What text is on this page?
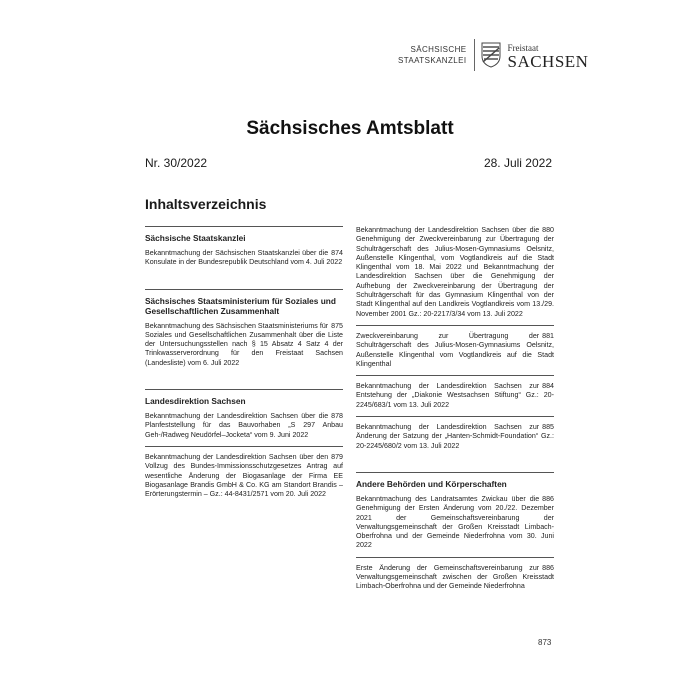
SÄCHSISCHE
STAATSKANZLEI
Freistaat
SACHSEN
Sächsisches Amtsblatt
Nr. 30/2022	28. Juli 2022
Inhaltsverzeichnis
Sächsische Staatskanzlei
874
Bekanntmachung der Sächsischen Staatskanzlei über die Konsulate in der Bundesrepublik Deutschland vom 4. Juli 2022
Sächsisches Staatsministerium für Soziales und Gesellschaftlichen Zusammenhalt
875
Bekanntmachung des Sächsischen Staatsministeriums für Soziales und Gesellschaftlichen Zusammenhalt über die Liste der Untersuchungsstellen nach § 15 Absatz 4 Satz 4 der Trinkwasserverordnung für den Freistaat Sachsen (Landesliste) vom 6. Juli 2022
Landesdirektion Sachsen
878
Bekanntmachung der Landesdirektion Sachsen über die Planfeststellung für das Bauvorhaben „S 297 Anbau Geh-/Radweg Neudörfel–Jocketa“ vom 9. Juni 2022
879
Bekanntmachung der Landesdirektion Sachsen über den Vollzug des Bundes-Immissionsschutzgesetzes Antrag auf wesentliche Änderung der Biogasanlage der Firma EE Biogasanlage Brandis GmbH & Co. KG am Standort Brandis – Erörterungstermin – Gz.: 44-8431/2571 vom 20. Juli 2022
880
Bekanntmachung der Landesdirektion Sachsen über die Genehmigung der Zweckvereinbarung zur Übertragung der Schulträgerschaft des Julius-Mosen-Gymnasiums Oelsnitz, Außenstelle Klingenthal, vom Vogtlandkreis auf die Stadt Klingenthal vom 18. Mai 2022 und Bekanntmachung der Landesdirektion Sachsen über die Genehmigung der Aufhebung der Zweckvereinbarung der Übertragung der Schulträgerschaft für das Gymnasium Klingenthal von der Stadt Klingenthal auf den Landkreis Vogtlandkreis vom 13./29. November 2001 Gz.: 20-2217/3/34 vom 13. Juli 2022
881
Zweckvereinbarung zur Übertragung der Schulträgerschaft des Julius-Mosen-Gymnasiums Oelsnitz, Außenstelle Klingenthal vom Vogtlandkreis auf die Stadt Klingenthal
884
Bekanntmachung der Landesdirektion Sachsen zur Entstehung der „Diakonie Westsachsen Stiftung“ Gz.: 20-2245/683/1 vom 13. Juli 2022
885
Bekanntmachung der Landesdirektion Sachsen zur Änderung der Satzung der „Hanten-Schmidt-Foundation“ Gz.: 20-2245/680/2 vom 13. Juli 2022
Andere Behörden und Körperschaften
886
Bekanntmachung des Landratsamtes Zwickau über die Genehmigung der Ersten Änderung vom 20./22. Dezember 2021 der Gemeinschaftsvereinbarung der Verwaltungsgemeinschaft der Großen Kreisstadt Limbach-Oberfrohna und der Gemeinde Niederfrohna vom 30. Juni 2022
886
Erste Änderung der Gemeinschaftsvereinbarung zur Verwaltungsgemeinschaft zwischen der Großen Kreisstadt Limbach-Oberfrohna und der Gemeinde Niederfrohna
873
